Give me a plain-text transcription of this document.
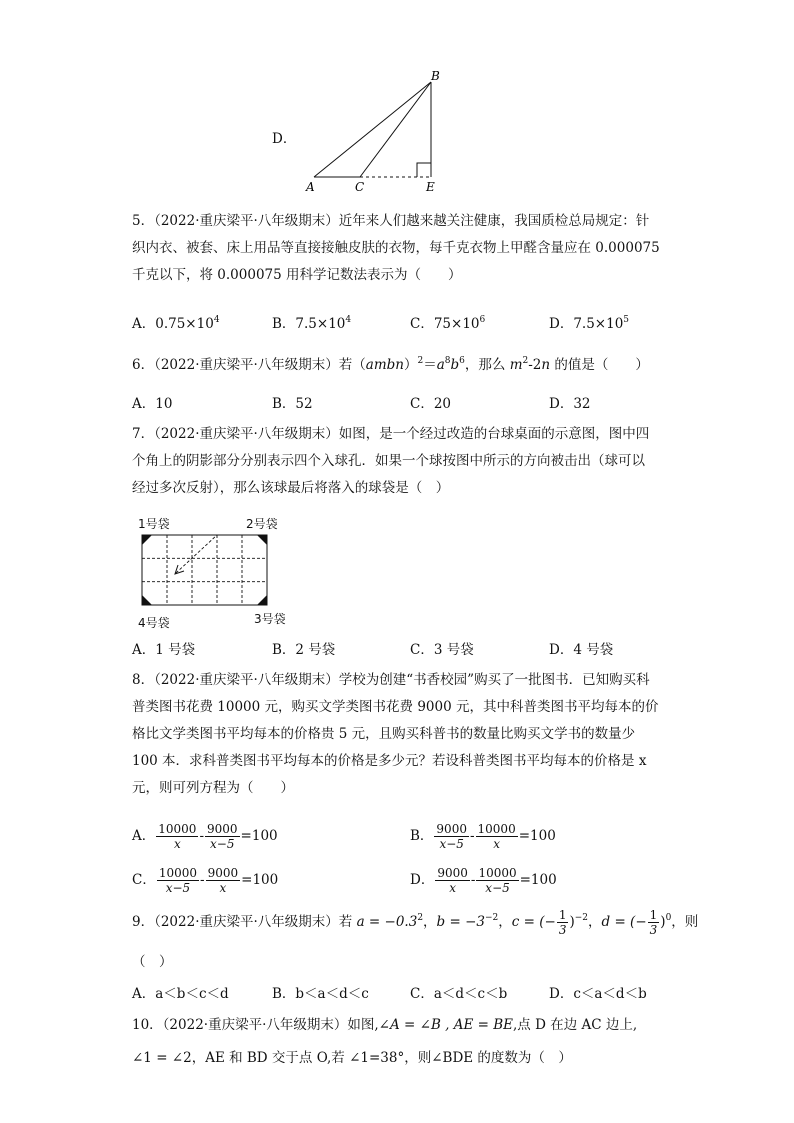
D．
B
A	C	E
5．（2022·重庆梁平·八年级期末）近年来人们越来越关注健康，我国质检总局规定：针
织内衣、被套、床上用品等直接接触皮肤的衣物，每千克衣物上甲醛含量应在 0.000075
千克以下，将 0.000075 用科学记数法表示为（　　）
A．$0.75\times 10^4$	B．$7.5\times 10^4$	C．$75\times 10^6$	D．$7.5\times 10^5$
6．（2022·重庆梁平·八年级期末）若$(ambn)^2=a^8b^6$，那么 $m^2-2n$ 的值是（　　）
A．10	B．52	C．20	D．32
7．（2022·重庆梁平·八年级期末）如图，是一个经过改造的台球桌面的示意图，图中四
个角上的阴影部分分别表示四个入球孔．如果一个球按图中所示的方向被击出（球可以
经过多次反射），那么该球最后将落入的球袋是（　）
1号袋	2号袋
4号袋	3号袋
A．1 号袋	B．2 号袋	C．3 号袋	D．4 号袋
8．（2022·重庆梁平·八年级期末）学校为创建“书香校园”购买了一批图书．已知购买科
普类图书花费 10000 元，购买文学类图书花费 9000 元，其中科普类图书平均每本的价
格比文学类图书平均每本的价格贵 5 元，且购买科普书的数量比购买文学书的数量少
100 本．求科普类图书平均每本的价格是多少元？若设科普类图书平均每本的价格是 x
元，则可列方程为（　　）
A． $\frac{10000}{x} - \frac{9000}{x-5} =100$	B． $\frac{9000}{x-5} - \frac{10000}{x} =100$
C． $\frac{10000}{x-5} - \frac{9000}{x} =100$	D． $\frac{9000}{x} - \frac{10000}{x-5} =100$
9．（2022·重庆梁平·八年级期末）若 $a = -0.3^2$，$b = -3^{-2}$，c = (− $\frac{1}{3} )^{-2}$，d = (− $\frac{1}{3} )^0$，则
（　）
A．a＜b＜c＜d	B．b＜a＜d＜c	C．a＜d＜c＜b	D．c＜a＜d＜b
10．（2022·重庆梁平·八年级期末）如图,∠A = ∠B , AE = BE,点 D 在边 AC 边上,
∠1 = ∠2，AE 和 BD 交于点 O,若 ∠1=38°，则∠BDE 的度数为（　）
